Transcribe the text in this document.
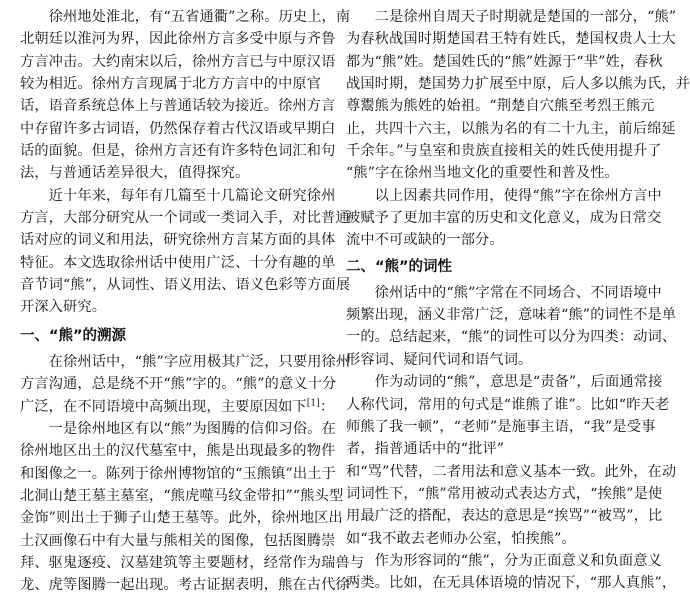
　　徐州地处淮北，有“五省通衢”之称。历史上，南
北朝廷以淮河为界，因此徐州方言多受中原与齐鲁
方言冲击。大约南宋以后，徐州方言已与中原汉语
较为相近。徐州方言现属于北方方言中的中原官
话，语音系统总体上与普通话较为接近。徐州方言
中存留许多古词语，仍然保存着古代汉语或早期白
话的面貌。但是，徐州方言还有许多特色词汇和句
法，与普通话差异很大，值得探究。
　　近十年来，每年有几篇至十几篇论文研究徐州
方言，大部分研究从一个词或一类词入手，对比普通
话对应的词义和用法，研究徐州方言某方面的具体
特征。本文选取徐州话中使用广泛、十分有趣的单
音节词“熊”，从词性、语义用法、语义色彩等方面展
开深入研究。
一、“熊”的溯源
　　在徐州话中，“熊”字应用极其广泛，只要用徐州
方言沟通，总是绕不开“熊”字的。“熊”的意义十分
广泛，在不同语境中高频出现，主要原因如下[1]：
　　一是徐州地区有以“熊”为图腾的信仰习俗。在
徐州地区出土的汉代墓室中，熊是出现最多的物件
和图像之一。陈列于徐州博物馆的“玉熊镇”出土于
北洞山楚王墓主墓室，“熊虎噬马纹金带扣”“熊头型
金饰”则出土于狮子山楚王墓等。此外，徐州地区出
土汉画像石中有大量与熊相关的图像，包括图腾崇
拜、驱鬼逐疫、汉墓建筑等主要题材，经常作为瑞兽与
龙、虎等图腾一起出现。考古证据表明，熊在古代徐
　　二是徐州自周天子时期就是楚国的一部分，“熊”
为春秋战国时期楚国君王特有姓氏，楚国权贵人士大
都为“熊”姓。楚国姓氏的“熊”姓源于“芈”姓，春秋
战国时期，楚国势力扩展至中原，后人多以熊为氏，并
尊鬻熊为熊姓的始祖。“荆楚自穴熊至考烈王熊元
止，共四十六主，以熊为名的有二十九主，前后绵延
千余年。”与皇室和贵族直接相关的姓氏使用提升了
“熊”字在徐州当地文化的重要性和普及性。
　　以上因素共同作用，使得“熊”字在徐州方言中
被赋予了更加丰富的历史和文化意义，成为日常交
流中不可或缺的一部分。
二、“熊”的词性
　　徐州话中的“熊”字常在不同场合、不同语境中
频繁出现，涵义非常广泛，意味着“熊”的词性不是单
一的。总结起来，“熊”的词性可以分为四类：动词、
形容词、疑问代词和语气词。
　　作为动词的“熊”，意思是“责备”，后面通常接
人称代词，常用的句式是“谁熊了谁”。比如“昨天老
师熊了我一顿”，“老师”是施事主语，“我”是受事
者，指普通话中的“批评”
和“骂”代替，二者用法和意义基本一致。此外，在动
词词性下，“熊”常用被动式表达方式，“挨熊”是使
用最广泛的搭配，表达的意思是“挨骂”“被骂”，比
如“我不敢去老师办公室，怕挨熊”。
　　作为形容词的“熊”，分为正面意义和负面意义
两类。比如，在无具体语境的情况下，“那人真熊”，
